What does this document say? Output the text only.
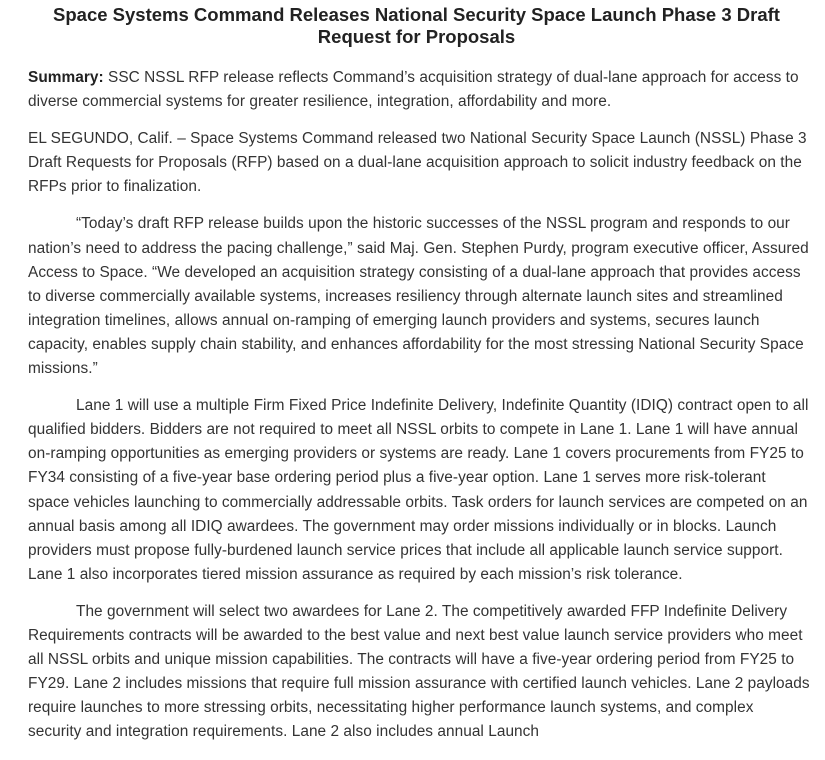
Space Systems Command Releases National Security Space Launch Phase 3 Draft Request for Proposals

Summary: SSC NSSL RFP release reflects Command’s acquisition strategy of dual-lane approach for access to diverse commercial systems for greater resilience, integration, affordability and more.

EL SEGUNDO, Calif. – Space Systems Command released two National Security Space Launch (NSSL) Phase 3 Draft Requests for Proposals (RFP) based on a dual-lane acquisition approach to solicit industry feedback on the RFPs prior to finalization.

“Today’s draft RFP release builds upon the historic successes of the NSSL program and responds to our nation’s need to address the pacing challenge,” said Maj. Gen. Stephen Purdy, program executive officer, Assured Access to Space. “We developed an acquisition strategy consisting of a dual-lane approach that provides access to diverse commercially available systems, increases resiliency through alternate launch sites and streamlined integration timelines, allows annual on-ramping of emerging launch providers and systems, secures launch capacity, enables supply chain stability, and enhances affordability for the most stressing National Security Space missions.”

Lane 1 will use a multiple Firm Fixed Price Indefinite Delivery, Indefinite Quantity (IDIQ) contract open to all qualified bidders. Bidders are not required to meet all NSSL orbits to compete in Lane 1. Lane 1 will have annual on-ramping opportunities as emerging providers or systems are ready. Lane 1 covers procurements from FY25 to FY34 consisting of a five-year base ordering period plus a five-year option. Lane 1 serves more risk-tolerant space vehicles launching to commercially addressable orbits. Task orders for launch services are competed on an annual basis among all IDIQ awardees. The government may order missions individually or in blocks. Launch providers must propose fully-burdened launch service prices that include all applicable launch service support. Lane 1 also incorporates tiered mission assurance as required by each mission’s risk tolerance.

The government will select two awardees for Lane 2. The competitively awarded FFP Indefinite Delivery Requirements contracts will be awarded to the best value and next best value launch service providers who meet all NSSL orbits and unique mission capabilities. The contracts will have a five-year ordering period from FY25 to FY29. Lane 2 includes missions that require full mission assurance with certified launch vehicles. Lane 2 payloads require launches to more stressing orbits, necessitating higher performance launch systems, and complex security and integration requirements. Lane 2 also includes annual Launch
